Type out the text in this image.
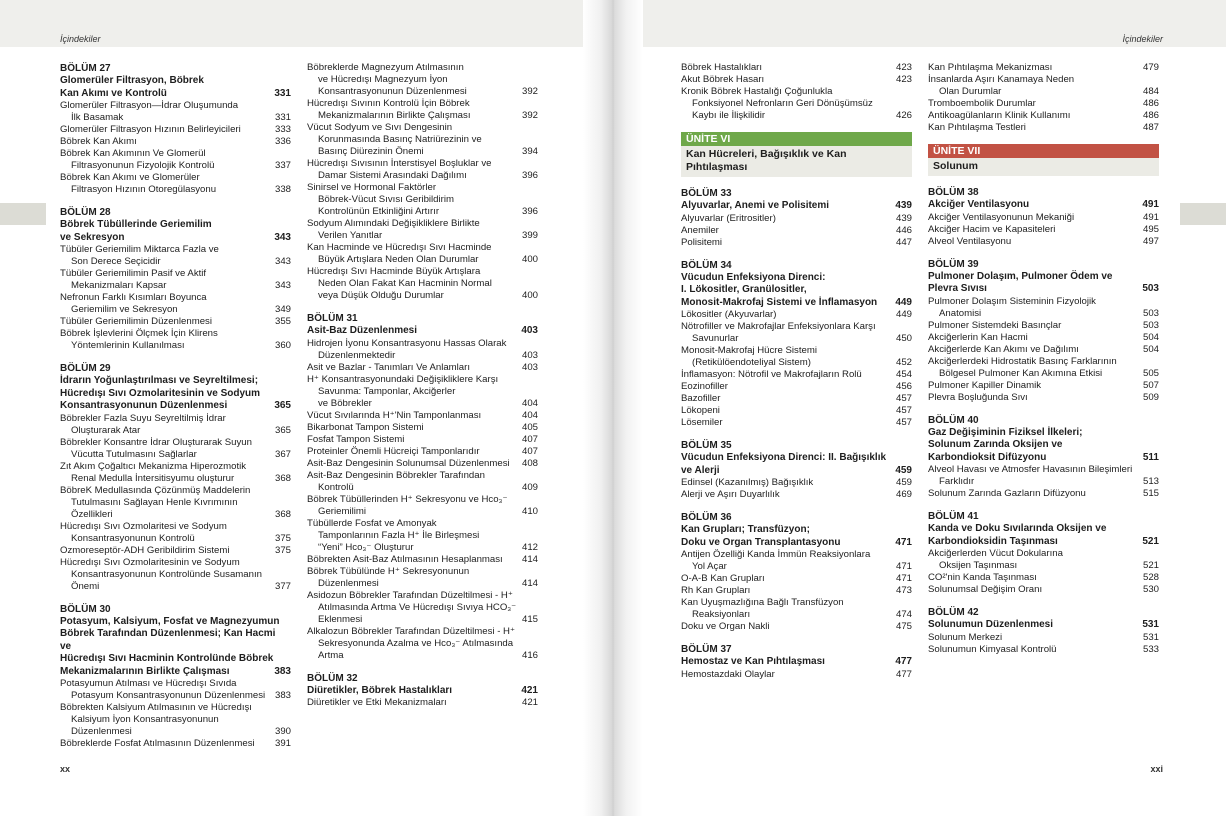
İçindekiler	İçindekiler
BÖLÜM 27
Glomerüler Filtrasyon, Böbrek
Kan Akımı ve Kontrolü	331
Glomerüler Filtrasyon—İdrar Oluşumunda
İlk Basamak	331
Glomerüler Filtrasyon Hızının Belirleyicileri	333
Böbrek Kan Akımı	336
Böbrek Kan Akımının Ve Glomerül
Filtrasyonunun Fizyolojik Kontrolü	337
Böbrek Kan Akımı ve Glomerüler
Filtrasyon Hızının Otoregülasyonu	338
BÖLÜM 28
Böbrek Tübüllerinde Geriemilim
ve Sekresyon	343
Tübüler Geriemilim Miktarca Fazla ve
Son Derece Seçicidir	343
Tübüler Geriemilimin Pasif ve Aktif
Mekanizmaları Kapsar	343
Nefronun Farklı Kısımları Boyunca
Geriemilim ve Sekresyon	349
Tübüler Geriemilimin Düzenlenmesi	355
Böbrek İşlevlerini Ölçmek İçin Klirens
Yöntemlerinin Kullanılması	360
BÖLÜM 29
İdrarın Yoğunlaştırılması ve Seyreltilmesi;
Hücredışı Sıvı Ozmolaritesinin ve Sodyum
Konsantrasyonunun Düzenlenmesi	365
Böbrekler Fazla Suyu Seyreltilmiş İdrar
Oluşturarak Atar	365
Böbrekler Konsantre İdrar Oluşturarak Suyun
Vücutta Tutulmasını Sağlarlar	367
Zıt Akım Çoğaltıcı Mekanizma Hiperozmotik
Renal Medulla İntersitisyumu oluşturur	368
BöbreK Medullasında Çözünmüş Maddelerin
Tutulmasını Sağlayan Henle Kıvrımının
Özellikleri	368
Hücredışı Sıvı Ozmolaritesi ve Sodyum
Konsantrasyonunun Kontrolü	375
Ozmoreseptör-ADH Geribildirim Sistemi	375
Hücredışı Sıvı Ozmolaritesinin ve Sodyum
Konsantrasyonunun Kontrolünde Susamanın
Önemi	377
BÖLÜM 30
Potasyum, Kalsiyum, Fosfat ve Magnezyumun
Böbrek Tarafından Düzenlenmesi; Kan Hacmi ve
Hücredışı Sıvı Hacminin Kontrolünde Böbrek
Mekanizmalarının Birlikte Çalışması	383
Potasyumun Atılması ve Hücredışı Sıvıda
Potasyum Konsantrasyonunun Düzenlenmesi	383
Böbrekten Kalsiyum Atılmasının ve Hücredışı
Kalsiyum İyon Konsantrasyonunun
Düzenlenmesi	390
Böbreklerde Fosfat Atılmasının Düzenlenmesi	391
Böbreklerde Magnezyum Atılmasının
ve Hücredışı Magnezyum İyon
Konsantrasyonunun Düzenlenmesi	392
Hücredışı Sıvının Kontrolü İçin Böbrek
Mekanizmalarının Birlikte Çalışması	392
Vücut Sodyum ve Sıvı Dengesinin
Korunmasında Basınç Natriürezinin ve
Basınç Diürezinin Önemi	394
Hücredışı Sıvısının İnterstisyel Boşluklar ve
Damar Sistemi Arasındaki Dağılımı	396
Sinirsel ve Hormonal Faktörler
Böbrek-Vücut Sıvısı Geribildirim
Kontrolünün Etkinliğini Artırır	396
Sodyum Alımındaki Değişikliklere Birlikte
Verilen Yanıtlar	399
Kan Hacminde ve Hücredışı Sıvı Hacminde
Büyük Artışlara Neden Olan Durumlar	400
Hücredışı Sıvı Hacminde Büyük Artışlara
Neden Olan Fakat Kan Hacminin Normal
veya Düşük Olduğu Durumlar	400
BÖLÜM 31
Asit-Baz Düzenlenmesi	403
Hidrojen İyonu Konsantrasyonu Hassas Olarak
Düzenlenmektedir	403
Asit ve Bazlar - Tanımları Ve Anlamları	403
H⁺ Konsantrasyonundaki Değişikliklere Karşı
Savunma: Tamponlar, Akciğerler
ve Böbrekler	404
Vücut Sıvılarında H⁺'Nin Tamponlanması	404
Bikarbonat Tampon Sistemi	405
Fosfat Tampon Sistemi	407
Proteinler Önemli Hücreiçi Tamponlarıdır	407
Asit-Baz Dengesinin Solunumsal Düzenlenmesi	408
Asit-Baz Dengesinin Böbrekler Tarafından
Kontrolü	409
Böbrek Tübüllerinden H⁺ Sekresyonu ve Hco₃⁻
Geriemilimi	410
Tübüllerde Fosfat ve Amonyak
Tamponlarının Fazla H⁺ İle Birleşmesi
“Yeni” Hco₃⁻ Oluşturur	412
Böbrekten Asit-Baz Atılmasının Hesaplanması	414
Böbrek Tübülünde H⁺ Sekresyonunun
Düzenlenmesi	414
Asidozun Böbrekler Tarafından Düzeltilmesi - H⁺
Atılmasında Artma Ve Hücredışı Sıvıya HCO₃⁻
Eklenmesi	415
Alkalozun Böbrekler Tarafından Düzeltilmesi - H⁺
Sekresyonunda Azalma ve Hco₃⁻ Atılmasında
Artma	416
BÖLÜM 32
Diüretikler, Böbrek Hastalıkları	421
Diüretikler ve Etki Mekanizmaları	421
Böbrek Hastalıkları	423
Akut Böbrek Hasarı	423
Kronik Böbrek Hastalığı Çoğunlukla
Fonksiyonel Nefronların Geri Dönüşümsüz
Kaybı ile İlişkilidir	426
ÜNİTE VI
Kan Hücreleri, Bağışıklık ve Kan
Pıhtılaşması
BÖLÜM 33
Alyuvarlar, Anemi ve Polisitemi	439
Alyuvarlar (Eritrositler)	439
Anemiler	446
Polisitemi	447
BÖLÜM 34
Vücudun Enfeksiyona Direnci:
I. Lökositler, Granülositler,
Monosit-Makrofaj Sistemi ve İnflamasyon	449
Lökositler (Akyuvarlar)	449
Nötrofiller ve Makrofajlar Enfeksiyonlara Karşı
Savunurlar	450
Monosit-Makrofaj Hücre Sistemi
(Retikülöendoteliyal Sistem)	452
İnflamasyon: Nötrofil ve Makrofajların Rolü	454
Eozinofiller	456
Bazofiller	457
Lökopeni	457
Lösemiler	457
BÖLÜM 35
Vücudun Enfeksiyona Direnci: II. Bağışıklık
ve Alerji	459
Edinsel (Kazanılmış) Bağışıklık	459
Alerji ve Aşırı Duyarlılık	469
BÖLÜM 36
Kan Grupları; Transfüzyon;
Doku ve Organ Transplantasyonu	471
Antijen Özelliği Kanda İmmün Reaksiyonlara
Yol Açar	471
O-A-B Kan Grupları	471
Rh Kan Grupları	473
Kan Uyuşmazlığına Bağlı Transfüzyon
Reaksiyonları	474
Doku ve Organ Nakli	475
BÖLÜM 37
Hemostaz ve Kan Pıhtılaşması	477
Hemostazdaki Olaylar	477
Kan Pıhtılaşma Mekanizması	479
İnsanlarda Aşırı Kanamaya Neden
Olan Durumlar	484
Tromboembolik Durumlar	486
Antikoagülanların Klinik Kullanımı	486
Kan Pıhtılaşma Testleri	487
ÜNİTE VII
Solunum
BÖLÜM 38
Akciğer Ventilasyonu	491
Akciğer Ventilasyonunun Mekaniği	491
Akciğer Hacim ve Kapasiteleri	495
Alveol Ventilasyonu	497
BÖLÜM 39
Pulmoner Dolaşım, Pulmoner Ödem ve
Plevra Sıvısı	503
Pulmoner Dolaşım Sisteminin Fizyolojik
Anatomisi	503
Pulmoner Sistemdeki Basınçlar	503
Akciğerlerin Kan Hacmi	504
Akciğerlerde Kan Akımı ve Dağılımı	504
Akciğerlerdeki Hidrostatik Basınç Farklarının
Bölgesel Pulmoner Kan Akımına Etkisi	505
Pulmoner Kapiller Dinamik	507
Plevra Boşluğunda Sıvı	509
BÖLÜM 40
Gaz Değişiminin Fiziksel İlkeleri;
Solunum Zarında Oksijen ve
Karbondioksit Difüzyonu	511
Alveol Havası ve Atmosfer Havasının Bileşimleri
Farklıdır	513
Solunum Zarında Gazların Difüzyonu	515
BÖLÜM 41
Kanda ve Doku Sıvılarında Oksijen ve
Karbondioksidin Taşınması	521
Akciğerlerden Vücut Dokularına
Oksijen Taşınması	521
CO²'nin Kanda Taşınması	528
Solunumsal Değişim Oranı	530
BÖLÜM 42
Solunumun Düzenlenmesi	531
Solunum Merkezi	531
Solunumun Kimyasal Kontrolü	533
xx	xxi
